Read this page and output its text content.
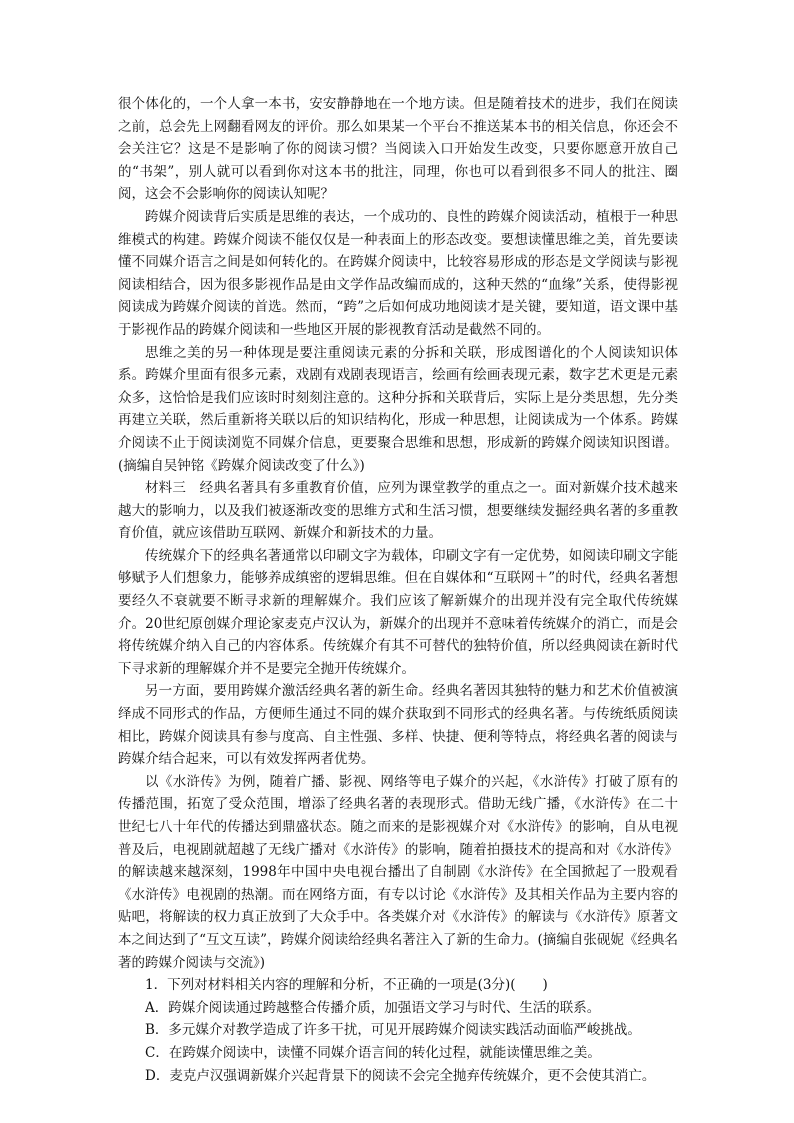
很个体化的，一个人拿一本书，安安静静地在一个地方读。但是随着技术的进步，我们在阅读之前，总会先上网翻看网友的评价。那么如果某一个平台不推送某本书的相关信息，你还会不会关注它？这是不是影响了你的阅读习惯？当阅读入口开始发生改变，只要你愿意开放自己的“书架”，别人就可以看到你对这本书的批注，同理，你也可以看到很多不同人的批注、圈阅，这会不会影响你的阅读认知呢？

跨媒介阅读背后实质是思维的表达，一个成功的、良性的跨媒介阅读活动，植根于一种思维模式的构建。跨媒介阅读不能仅仅是一种表面上的形态改变。要想读懂思维之美，首先要读懂不同媒介语言之间是如何转化的。在跨媒介阅读中，比较容易形成的形态是文学阅读与影视阅读相结合，因为很多影视作品是由文学作品改编而成的，这种天然的“血缘”关系，使得影视阅读成为跨媒介阅读的首选。然而，“跨”之后如何成功地阅读才是关键，要知道，语文课中基于影视作品的跨媒介阅读和一些地区开展的影视教育活动是截然不同的。

思维之美的另一种体现是要注重阅读元素的分拆和关联，形成图谱化的个人阅读知识体系。跨媒介里面有很多元素，戏剧有戏剧表现语言，绘画有绘画表现元素，数字艺术更是元素众多，这恰恰是我们应该时时刻刻注意的。这种分拆和关联背后，实际上是分类思想，先分类再建立关联，然后重新将关联以后的知识结构化，形成一种思想，让阅读成为一个体系。跨媒介阅读不止于阅读浏览不同媒介信息，更要聚合思维和思想，形成新的跨媒介阅读知识图谱。(摘编自吴钟铭《跨媒介阅读改变了什么》)

材料三　经典名著具有多重教育价值，应列为课堂教学的重点之一。面对新媒介技术越来越大的影响力，以及我们被逐渐改变的思维方式和生活习惯，想要继续发掘经典名著的多重教育价值，就应该借助互联网、新媒介和新技术的力量。

传统媒介下的经典名著通常以印刷文字为载体，印刷文字有一定优势，如阅读印刷文字能够赋予人们想象力，能够养成缜密的逻辑思维。但在自媒体和“互联网＋”的时代，经典名著想要经久不衰就要不断寻求新的理解媒介。我们应该了解新媒介的出现并没有完全取代传统媒介。20世纪原创媒介理论家麦克卢汉认为，新媒介的出现并不意味着传统媒介的消亡，而是会将传统媒介纳入自己的内容体系。传统媒介有其不可替代的独特价值，所以经典阅读在新时代下寻求新的理解媒介并不是要完全抛开传统媒介。

另一方面，要用跨媒介激活经典名著的新生命。经典名著因其独特的魅力和艺术价值被演绎成不同形式的作品，方便师生通过不同的媒介获取到不同形式的经典名著。与传统纸质阅读相比，跨媒介阅读具有参与度高、自主性强、多样、快捷、便利等特点，将经典名著的阅读与跨媒介结合起来，可以有效发挥两者优势。

以《水浒传》为例，随着广播、影视、网络等电子媒介的兴起，《水浒传》打破了原有的传播范围，拓宽了受众范围，增添了经典名著的表现形式。借助无线广播，《水浒传》在二十世纪七八十年代的传播达到鼎盛状态。随之而来的是影视媒介对《水浒传》的影响，自从电视普及后，电视剧就超越了无线广播对《水浒传》的影响，随着拍摄技术的提高和对《水浒传》的解读越来越深刻，1998年中国中央电视台播出了自制剧《水浒传》在全国掀起了一股观看《水浒传》电视剧的热潮。而在网络方面，有专以讨论《水浒传》及其相关作品为主要内容的贴吧，将解读的权力真正放到了大众手中。各类媒介对《水浒传》的解读与《水浒传》原著文本之间达到了“互文互读”，跨媒介阅读给经典名著注入了新的生命力。(摘编自张砚妮《经典名著的跨媒介阅读与交流》)

1．下列对材料相关内容的理解和分析，不正确的一项是(3分)(　　)

A．跨媒介阅读通过跨越整合传播介质，加强语文学习与时代、生活的联系。

B．多元媒介对教学造成了许多干扰，可见开展跨媒介阅读实践活动面临严峻挑战。

C．在跨媒介阅读中，读懂不同媒介语言间的转化过程，就能读懂思维之美。

D．麦克卢汉强调新媒介兴起背景下的阅读不会完全抛弃传统媒介，更不会使其消亡。
